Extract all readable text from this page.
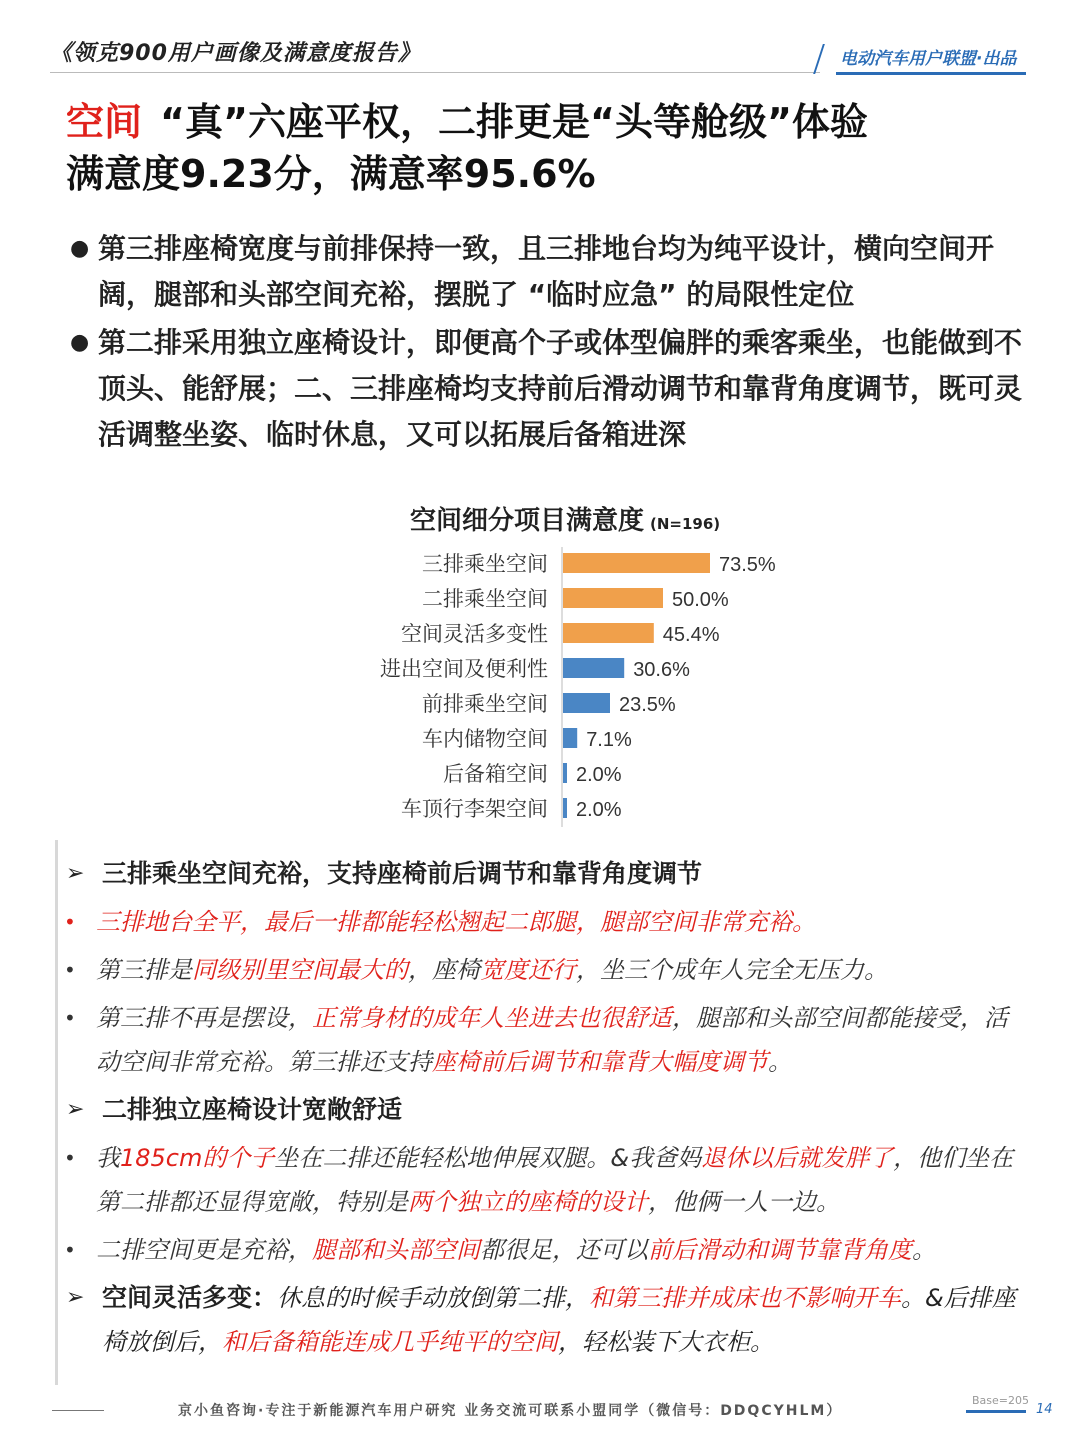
《领克900用户画像及满意度报告》	电动汽车用户联盟·出品
空间 “真”六座平权，二排更是“头等舱级”体验
满意度9.23分，满意率95.6%
● 第三排座椅宽度与前排保持一致，且三排地台均为纯平设计，横向空间开阔，腿部和头部空间充裕，摆脱了 “临时应急” 的局限性定位
● 第二排采用独立座椅设计，即便高个子或体型偏胖的乘客乘坐，也能做到不顶头、能舒展；二、三排座椅均支持前后滑动调节和靠背角度调节，既可灵活调整坐姿、临时休息，又可以拓展后备箱进深
空间细分项目满意度 (N=196)
三排乘坐空间	73.5%
二排乘坐空间	50.0%
空间灵活多变性	45.4%
进出空间及便利性	30.6%
前排乘坐空间	23.5%
车内储物空间 7.1%
后备箱空间 2.0%
车顶行李架空间 2.0%
➢ 三排乘坐空间充裕，支持座椅前后调节和靠背角度调节
• 三排地台全平，最后一排都能轻松翘起二郎腿，腿部空间非常充裕。
• 第三排是同级别里空间最大的，座椅宽度还行，坐三个成年人完全无压力。
• 第三排不再是摆设，正常身材的成年人坐进去也很舒适，腿部和头部空间都能接受，活动空间非常充裕。第三排还支持座椅前后调节和靠背大幅度调节。
➢ 二排独立座椅设计宽敞舒适
• 我185cm的个子坐在二排还能轻松地伸展双腿。&我爸妈退休以后就发胖了，他们坐在第二排都还显得宽敞，特别是两个独立的座椅的设计，他俩一人一边。
• 二排空间更是充裕，腿部和头部空间都很足，还可以前后滑动和调节靠背角度。
➢ 空间灵活多变：休息的时候手动放倒第二排，和第三排并成床也不影响开车。&后排座椅放倒后，和后备箱能连成几乎纯平的空间，轻松装下大衣柜。
京小鱼咨询·专注于新能源汽车用户研究 业务交流可联系小盟同学（微信号：DDQCYHLM）
Base=205
14
